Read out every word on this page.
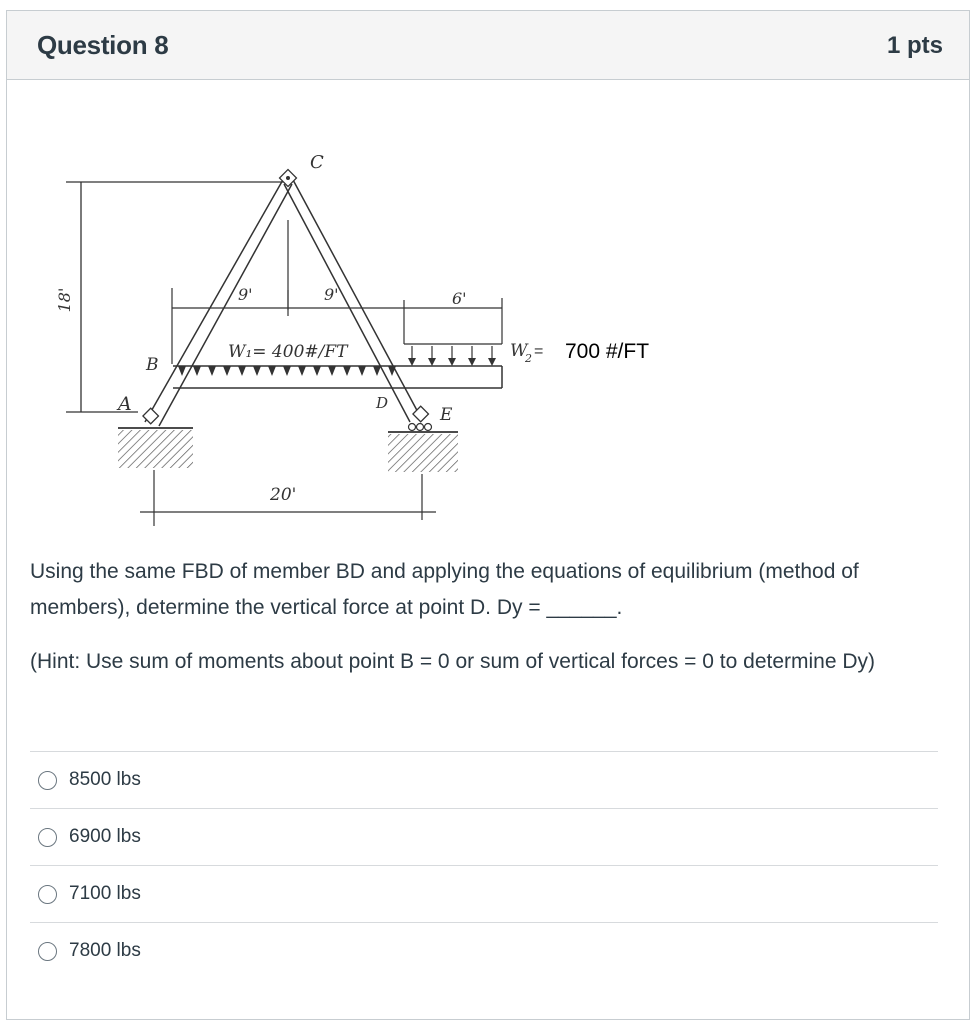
Question 8	1 pts
18'	9'	9'	6'
W₁= 400#/FT	W
2 = 700 #/FT
A
B
C
D
E
20'

Using the same FBD of member BD and applying the equations of equilibrium (method of members), determine the vertical force at point D. Dy = ______.

(Hint: Use sum of moments about point B = 0 or sum of vertical forces = 0 to determine Dy)

8500 lbs
6900 lbs
7100 lbs
7800 lbs
